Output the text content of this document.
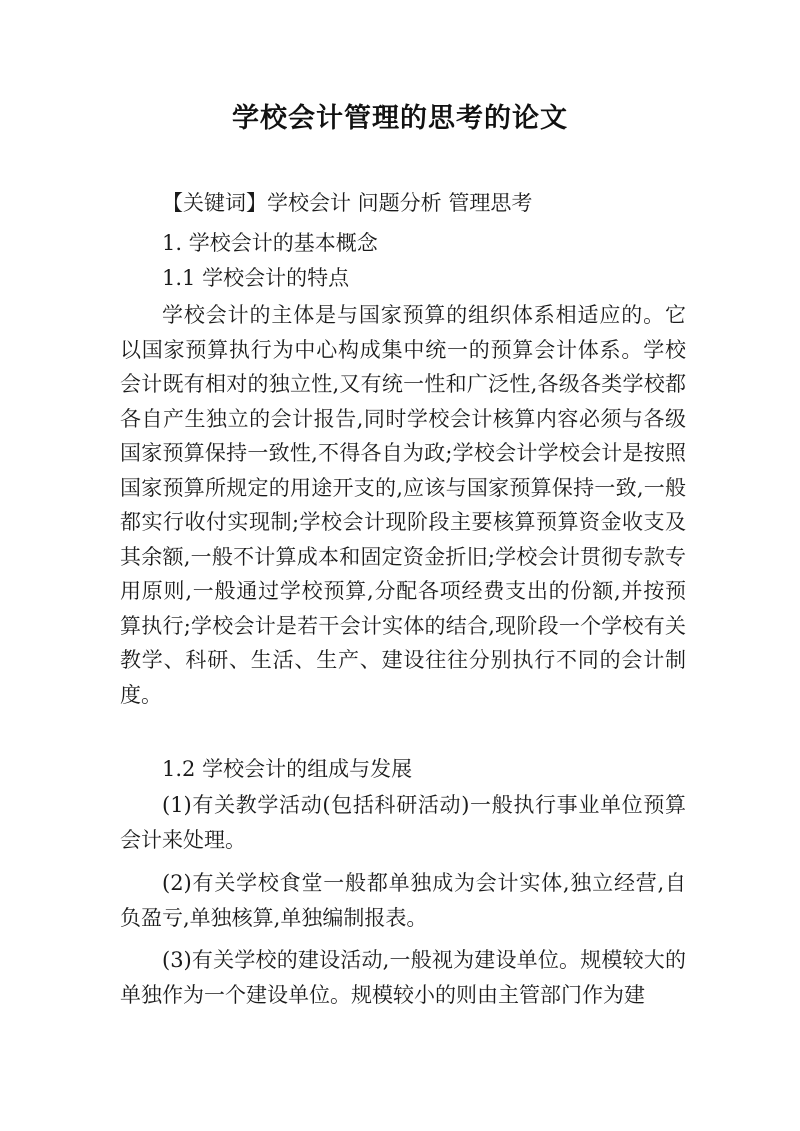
学校会计管理的思考的论文
【关键词】学校会计 问题分析 管理思考
1. 学校会计的基本概念
1.1 学校会计的特点

学校会计的主体是与国家预算的组织体系相适应的。它以国家预算执行为中心构成集中统一的预算会计体系。学校会计既有相对的独立性,又有统一性和广泛性,各级各类学校都各自产生独立的会计报告,同时学校会计核算内容必须与各级国家预算保持一致性,不得各自为政;学校会计学校会计是按照国家预算所规定的用途开支的,应该与国家预算保持一致,一般都实行收付实现制;学校会计现阶段主要核算预算资金收支及其余额,一般不计算成本和固定资金折旧;学校会计贯彻专款专用原则,一般通过学校预算,分配各项经费支出的份额,并按预算执行;学校会计是若干会计实体的结合,现阶段一个学校有关教学、科研、生活、生产、建设往往分别执行不同的会计制度。

1.2 学校会计的组成与发展

(1)有关教学活动(包括科研活动)一般执行事业单位预算会计来处理。

(2)有关学校食堂一般都单独成为会计实体,独立经营,自负盈亏,单独核算,单独编制报表。

(3)有关学校的建设活动,一般视为建设单位。规模较大的单独作为一个建设单位。规模较小的则由主管部门作为建
